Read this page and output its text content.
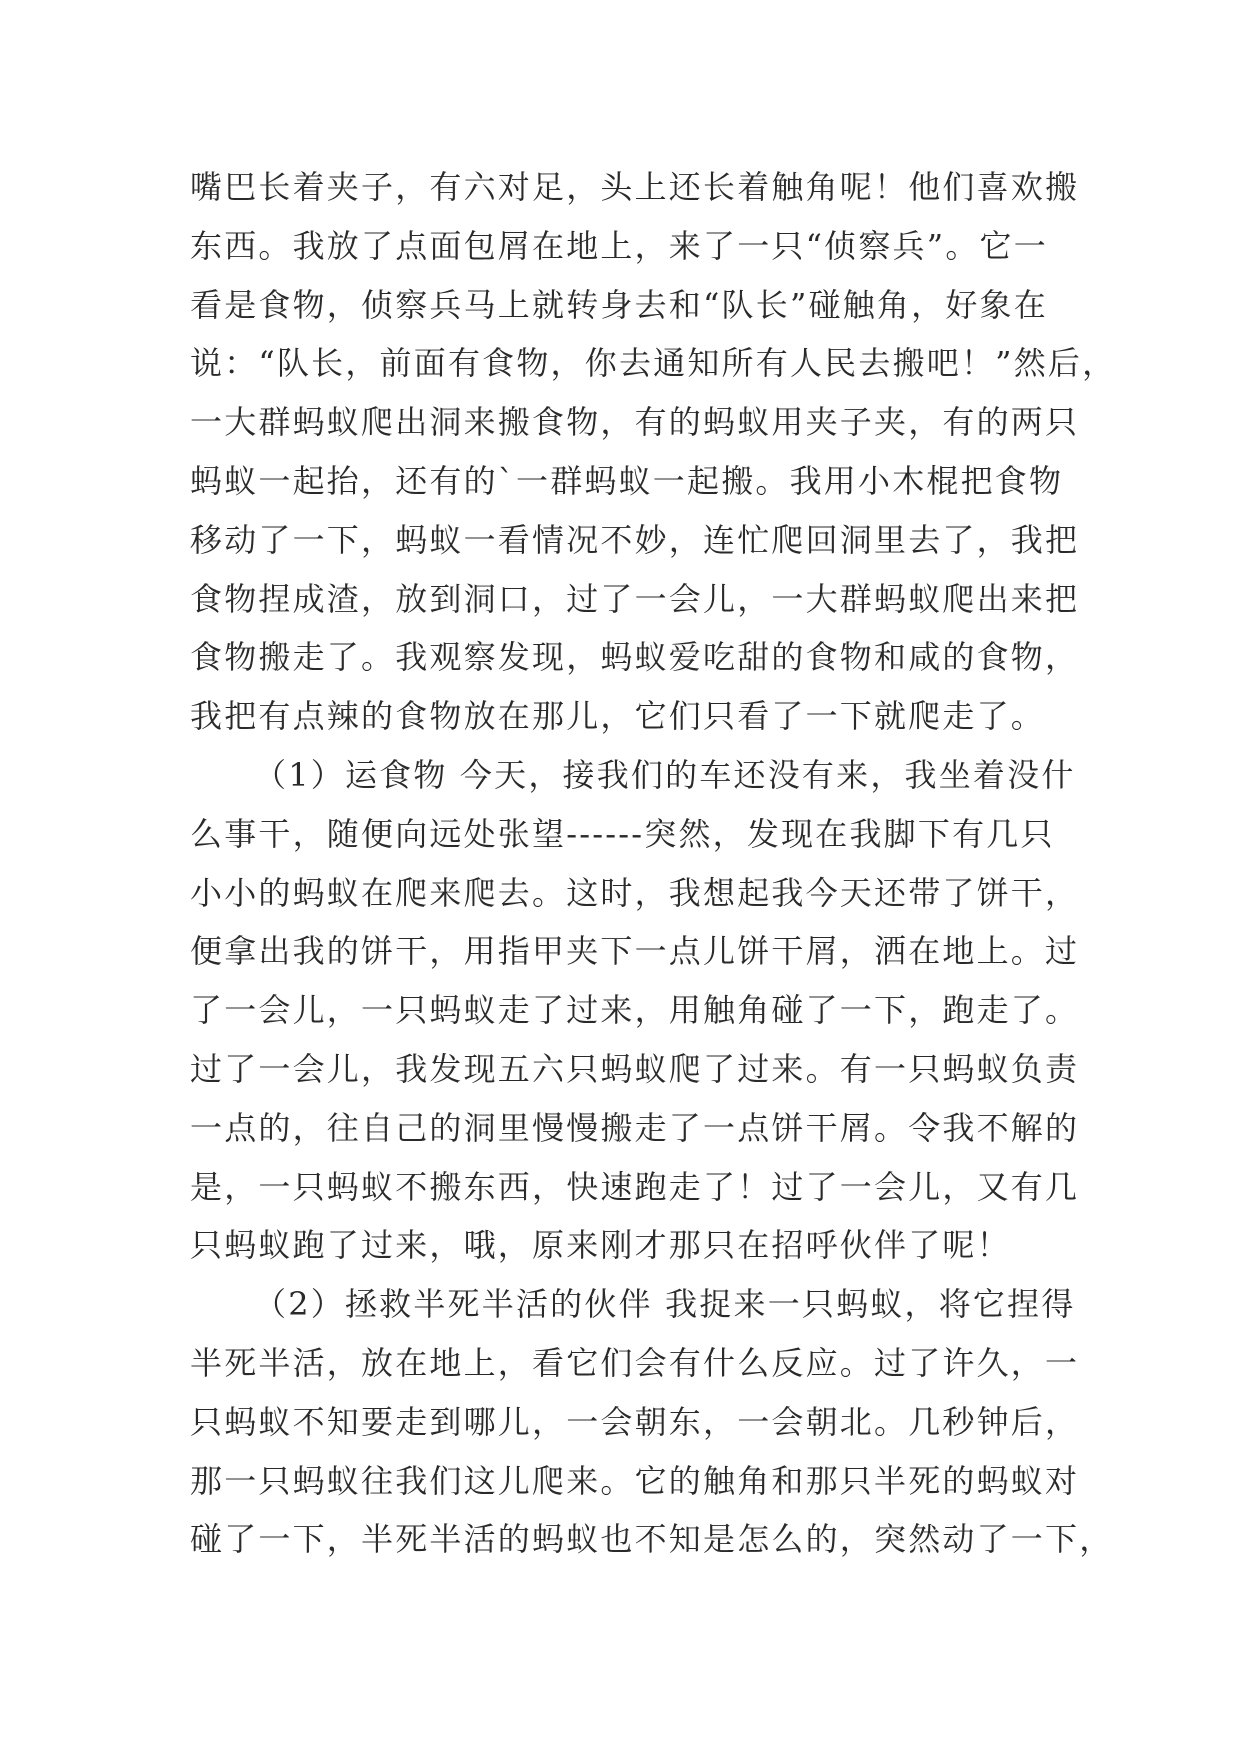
嘴巴长着夹子，有六对足，头上还长着触角呢！他们喜欢搬
东西。我放了点面包屑在地上，来了一只“侦察兵”。它一
看是食物，侦察兵马上就转身去和“队长”碰触角，好象在
说：“队长，前面有食物，你去通知所有人民去搬吧！”然后，
一大群蚂蚁爬出洞来搬食物，有的蚂蚁用夹子夹，有的两只
蚂蚁一起抬，还有的`一群蚂蚁一起搬。我用小木棍把食物
移动了一下，蚂蚁一看情况不妙，连忙爬回洞里去了，我把
食物捏成渣，放到洞口，过了一会儿，一大群蚂蚁爬出来把
食物搬走了。我观察发现，蚂蚁爱吃甜的食物和咸的食物，
我把有点辣的食物放在那儿，它们只看了一下就爬走了。
（1）运食物 今天，接我们的车还没有来，我坐着没什
么事干，随便向远处张望------突然，发现在我脚下有几只
小小的蚂蚁在爬来爬去。这时，我想起我今天还带了饼干，
便拿出我的饼干，用指甲夹下一点儿饼干屑，洒在地上。过
了一会儿，一只蚂蚁走了过来，用触角碰了一下，跑走了。
过了一会儿，我发现五六只蚂蚁爬了过来。有一只蚂蚁负责
一点的，往自己的洞里慢慢搬走了一点饼干屑。令我不解的
是，一只蚂蚁不搬东西，快速跑走了！过了一会儿，又有几
只蚂蚁跑了过来，哦，原来刚才那只在招呼伙伴了呢！
（2）拯救半死半活的伙伴 我捉来一只蚂蚁，将它捏得
半死半活，放在地上，看它们会有什么反应。过了许久，一
只蚂蚁不知要走到哪儿，一会朝东，一会朝北。几秒钟后，
那一只蚂蚁往我们这儿爬来。它的触角和那只半死的蚂蚁对
碰了一下，半死半活的蚂蚁也不知是怎么的，突然动了一下，
